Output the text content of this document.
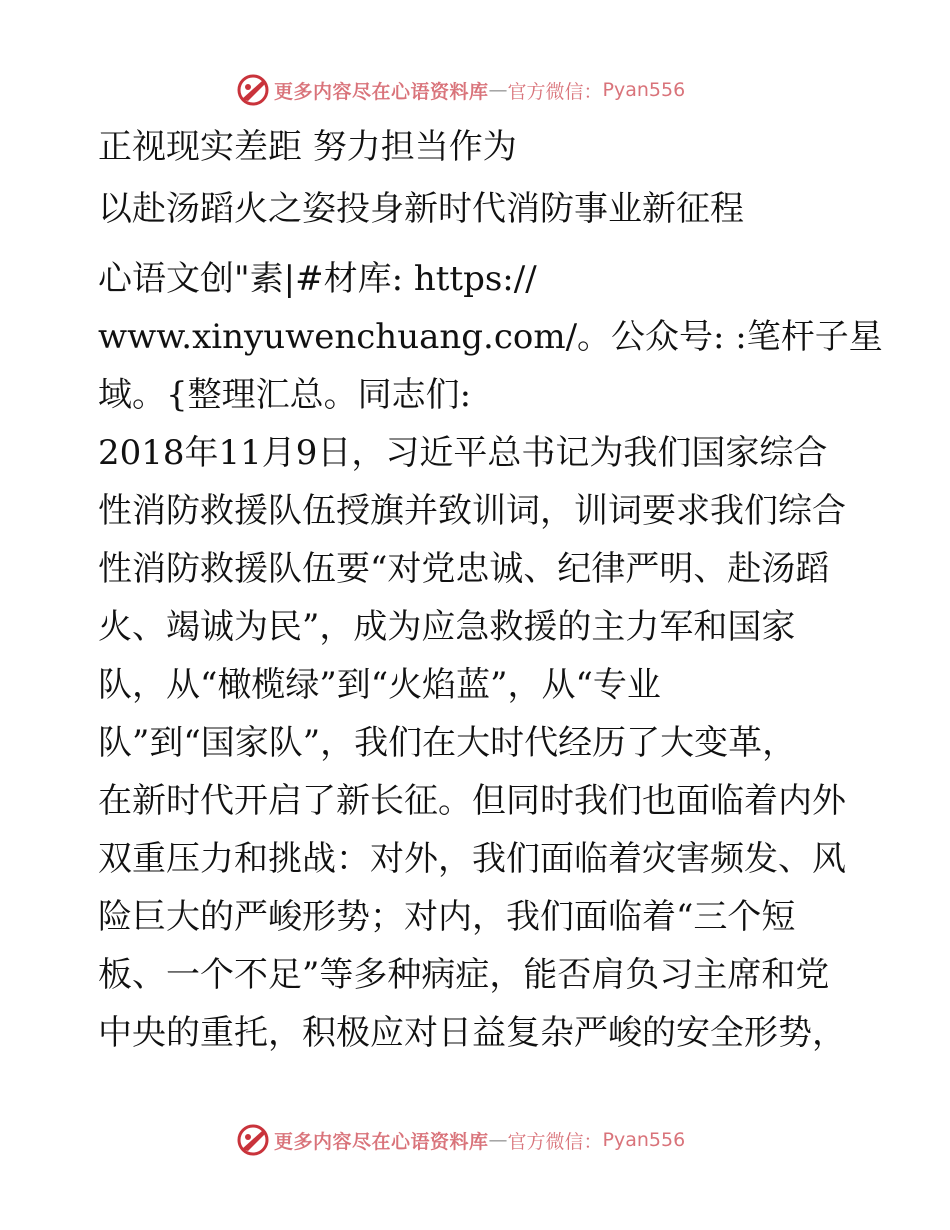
更多内容尽在心语资料库 — 官方微信： Pyan556
正视现实差距 努力担当作为
以赴汤蹈火之姿投身新时代消防事业新征程
心语文创"素|#材库: https://
www.xinyuwenchuang.com/。公众号: :笔杆子星
域。{整理汇总。同志们:
2018年11月9日，习近平总书记为我们国家综合
性消防救援队伍授旗并致训词，训词要求我们综合
性消防救援队伍要“对党忠诚、纪律严明、赴汤蹈
火、竭诚为民”，成为应急救援的主力军和国家
队，从“橄榄绿”到“火焰蓝”，从“专业
队”到“国家队”，我们在大时代经历了大变革，
在新时代开启了新长征。但同时我们也面临着内外
双重压力和挑战：对外，我们面临着灾害频发、风
险巨大的严峻形势；对内，我们面临着“三个短
板、一个不足”等多种病症，能否肩负习主席和党
中央的重托，积极应对日益复杂严峻的安全形势，
更多内容尽在心语资料库 — 官方微信： Pyan556
